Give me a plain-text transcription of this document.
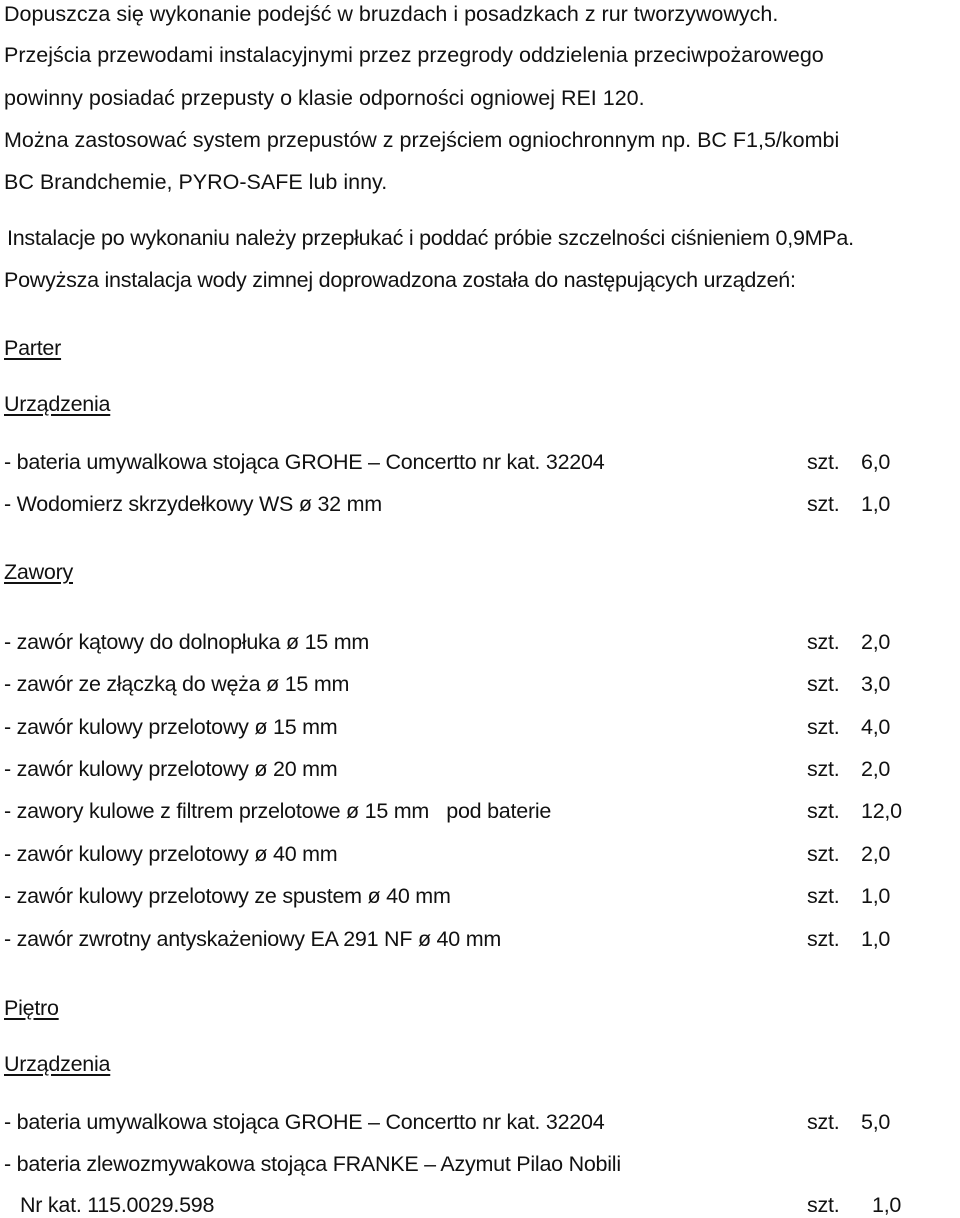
Dopuszcza się wykonanie podejść w bruzdach i posadzkach z rur tworzywowych.
Przejścia przewodami instalacyjnymi przez przegrody oddzielenia przeciwpożarowego
powinny posiadać przepusty o klasie odporności ogniowej REI 120.
Można zastosować system przepustów z przejściem ogniochronnym np. BC F1,5/kombi
BC Brandchemie, PYRO-SAFE lub inny.
Instalacje po wykonaniu należy przepłukać i poddać próbie szczelności ciśnieniem 0,9MPa.
Powyższa instalacja wody zimnej doprowadzona została do następujących urządzeń:
Parter
Urządzenia
- bateria umywalkowa stojąca GROHE – Concertto nr kat. 32204	szt. 6,0
- Wodomierz skrzydełkowy WS ø 32 mm	szt. 1,0
Zawory
- zawór kątowy do dolnopłuka ø 15 mm	szt. 2,0
- zawór ze złączką do węża ø 15 mm	szt. 3,0
- zawór kulowy przelotowy ø 15 mm	szt. 4,0
- zawór kulowy przelotowy ø 20 mm	szt. 2,0
- zawory kulowe z filtrem przelotowe ø 15 mm   pod baterie	szt. 12,0
- zawór kulowy przelotowy ø 40 mm	szt. 2,0
- zawór kulowy przelotowy ze spustem ø 40 mm	szt. 1,0
- zawór zwrotny antyskażeniowy EA 291 NF ø 40 mm	szt. 1,0
Piętro
Urządzenia
- bateria umywalkowa stojąca GROHE – Concertto nr kat. 32204	szt. 5,0
- bateria zlewozmywakowa stojąca FRANKE – Azymut Pilao Nobili
Nr kat. 115.0029.598	szt. 1,0
